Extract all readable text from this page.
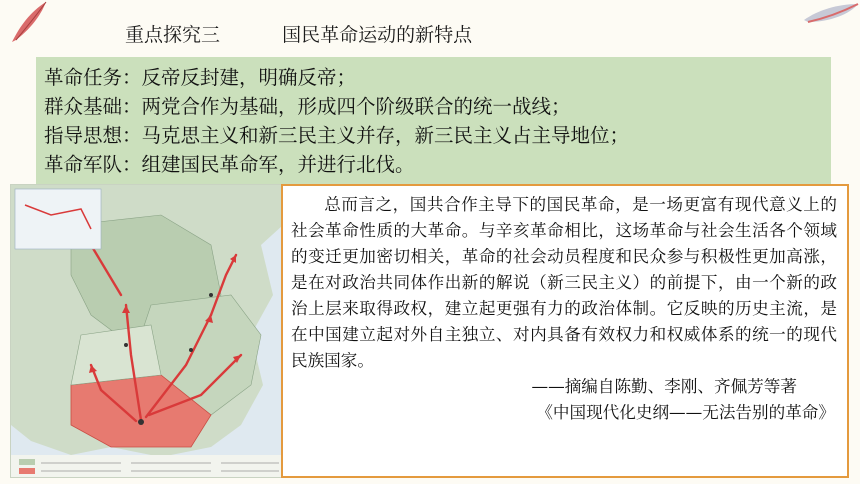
重点探究三	国民革命运动的新特点
革命任务：反帝反封建，明确反帝；
群众基础：两党合作为基础，形成四个阶级联合的统一战线；
指导思想：马克思主义和新三民主义并存，新三民主义占主导地位；
革命军队：组建国民革命军，并进行北伐。

总而言之，国共合作主导下的国民革命，是一场更富有现代意义上的社会革命性质的大革命。与辛亥革命相比，这场革命与社会生活各个领域的变迁更加密切相关，革命的社会动员程度和民众参与积极性更加高涨，是在对政治共同体作出新的解说（新三民主义）的前提下，由一个新的政治上层来取得政权，建立起更强有力的政治体制。它反映的历史主流，是在中国建立起对外自主独立、对内具备有效权力和权威体系的统一的现代民族国家。

——摘编自陈勤、李刚、齐佩芳等著

《中国现代化史纲——无法告别的革命》
